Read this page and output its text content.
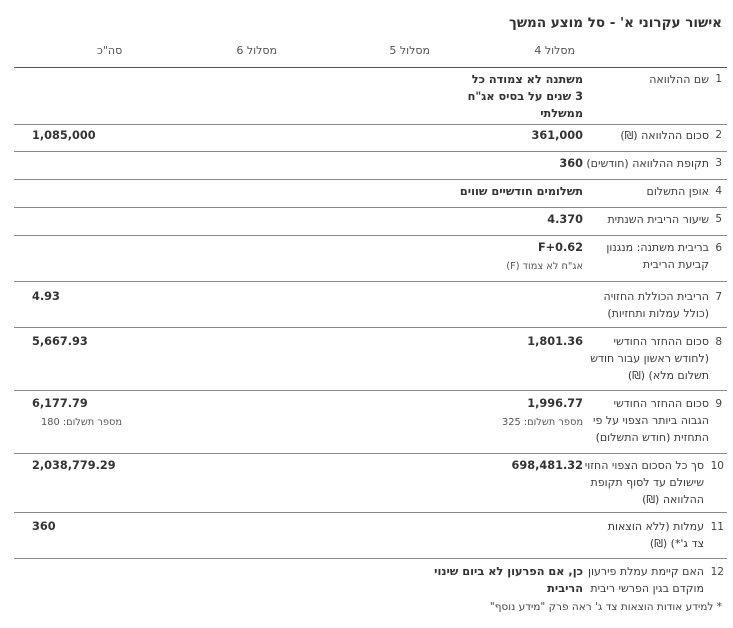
אישור עקרוני א' - סל מוצע המשך
מסלול 4
מסלול 5
מסלול 6
סה"כ
1
שם ההלוואה
משתנה לא צמודה כל 3 שנים על בסיס אג"ח ממשלתי
2
סכום ההלוואה (₪)
361,000
1,085,000
3
תקופת ההלוואה (חודשים)
360
4
אופן התשלום
תשלומים חודשיים שווים
5
שיעור הריבית השנתית
4.370
6
בריבית משתנה: מנגנון קביעת הריבית
F+0.62
אג"ח לא צמוד (F)
7
הריבית הכוללת החזויה (כולל עמלות ותחזיות)
4.93
8
סכום ההחזר החודשי (לחודש ראשון עבור חודש תשלום מלא) (₪)
1,801.36
5,667.93
9
סכום ההחזר החודשי הגבוה ביותר הצפוי על פי התחזית (חודש התשלום)
1,996.77
מספר תשלום: 325
6,177.79
מספר תשלום: 180
10
סך כל הסכום הצפוי החזוי שישולם עד לסוף תקופת ההלוואה (₪)
698,481.32
2,038,779.29
11
עמלות (ללא הוצאות צד ג'*) (₪)
360
12
האם קיימת עמלת פירעון מוקדם בגין הפרשי ריבית
כן, אם הפרעון לא ביום שינוי הריבית
* למידע אודות הוצאות צד ג' ראה פרק "מידע נוסף"
